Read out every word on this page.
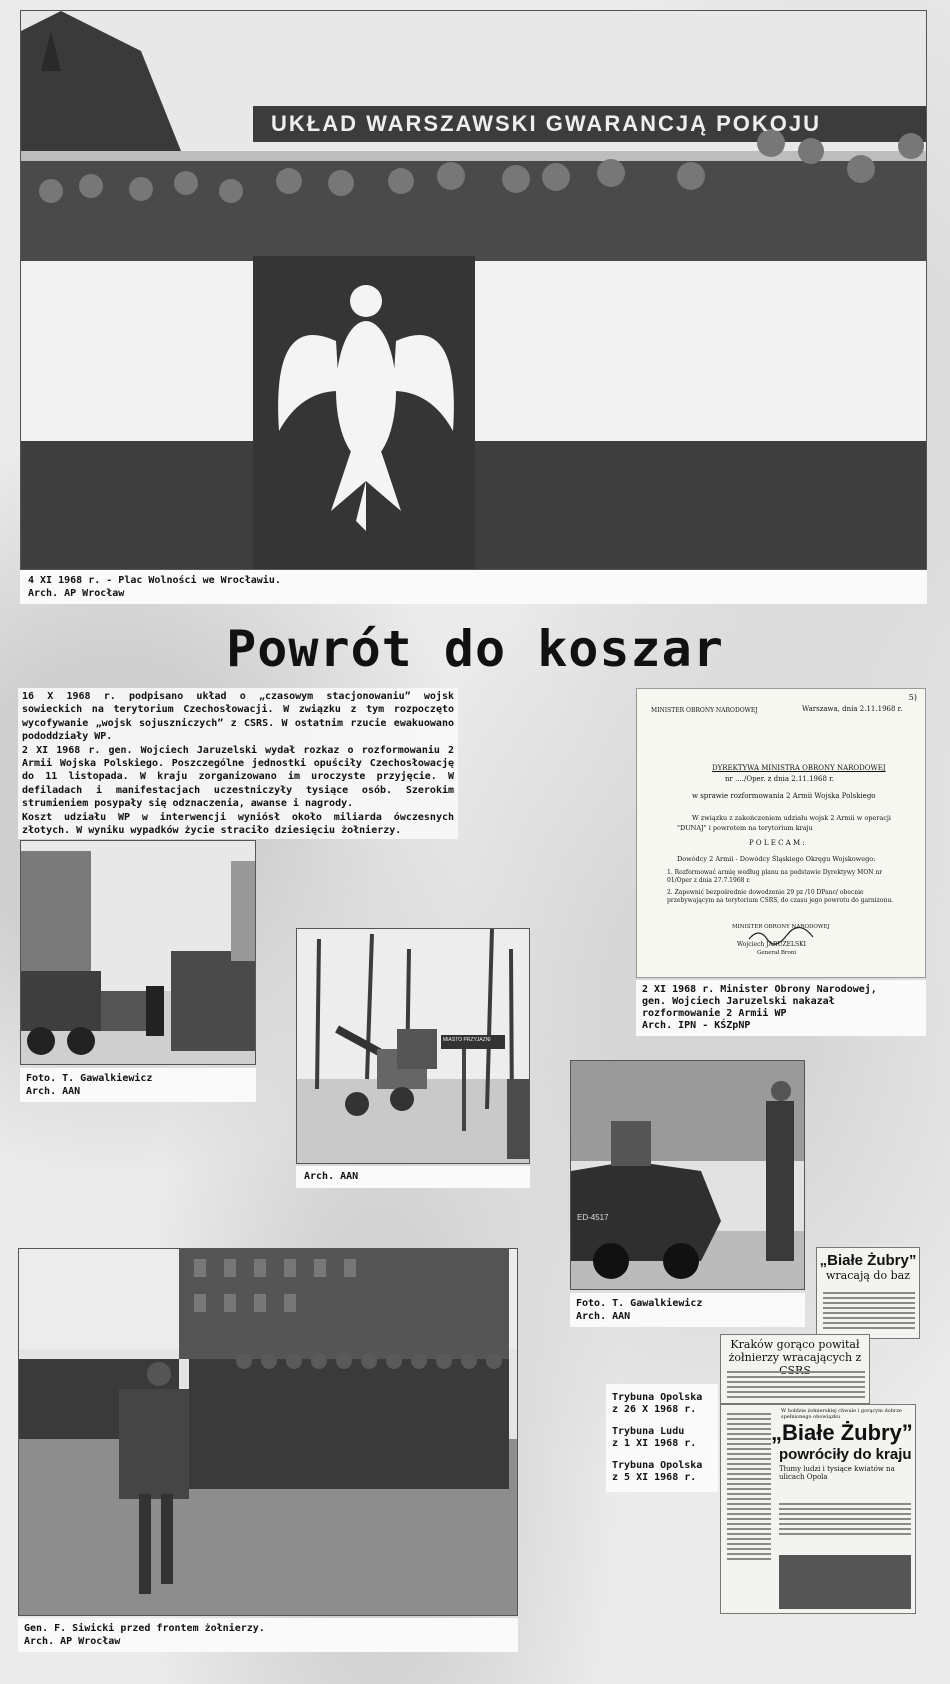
UKŁAD WARSZAWSKI GWARANCJĄ POKOJU
4 XI 1968 r. - Plac Wolności we Wrocławiu.
Arch. AP Wrocław
Powrót do koszar

16 X 1968 r. podpisano układ o „czasowym stacjonowaniu” wojsk sowieckich na terytorium Czechosłowacji. W związku z tym rozpoczęto wycofywanie „wojsk sojuszniczych” z CSRS. W ostatnim rzucie ewakuowano pododdziały WP.

2 XI 1968 r. gen. Wojciech Jaruzelski wydał rozkaz o rozformowaniu 2 Armii Wojska Polskiego. Poszczególne jednostki opuściły Czechosłowację do 11 listopada. W kraju zorganizowano im uroczyste przyjęcie. W defiladach i manifestacjach uczestniczyły tysiące osób. Szerokim strumieniem posypały się odznaczenia, awanse i nagrody.

Koszt udziału WP w interwencji wyniósł około miliarda ówczesnych złotych. W wyniku wypadków życie straciło dziesięciu żołnierzy.

MINISTER OBRONY NARODOWEJ	Warszawa, dnia 2.11.1968 r.
5)
DYREKTYWA MINISTRA OBRONY NARODOWEJ
nr ..../Oper. z dnia 2.11.1968 r.
w sprawie rozformowania 2 Armii Wojska Polskiego
W związku z zakończeniem udziału wojsk 2 Armii w operacji
"DUNAJ" i powrotem na terytorium kraju
P O L E C A M :
Dowódcy 2 Armii - Dowódcy Śląskiego Okręgu Wojskowego:
1. Rozformować armię według planu na podstawie Dyrektywy MON nr 01/Oper z dnia 27.7.1968 r.
2. Zapewnić bezpośrednie dowodzenie 29 pz /10 DPanc/ obecnie przebywającym na terytorium CSRS, do czasu jego powrotu do garnizonu.
MINISTER OBRONY NARODOWEJ
Wojciech JARUZELSKI
Generał Broni
2 XI 1968 r. Minister Obrony Narodowej,
gen. Wojciech Jaruzelski nakazał
rozformowanie 2 Armii WP
Arch. IPN - KŚZpNP
Foto. T. Gawalkiewicz
Arch. AAN
MIASTO PRZYJAŹNI
Arch. AAN
ED-4517
Foto. T. Gawalkiewicz
Arch. AAN
Gen. F. Siwicki przed frontem żołnierzy.
Arch. AP Wrocław
Trybuna Opolska
z 26 X 1968 r.
Trybuna Ludu
z 1 XI 1968 r.
Trybuna Opolska
z 5 XI 1968 r.
„Białe Żubry”
wracają do baz
Kraków gorąco powitał żołnierzy wracających z
W hołdzie żołnierskiej chwale i gorącym dobrze spełnionego obowiązku
„Białe Żubry”
powróciły do kraju
Tłumy ludzi i tysiące kwiatów na ulicach Opola
